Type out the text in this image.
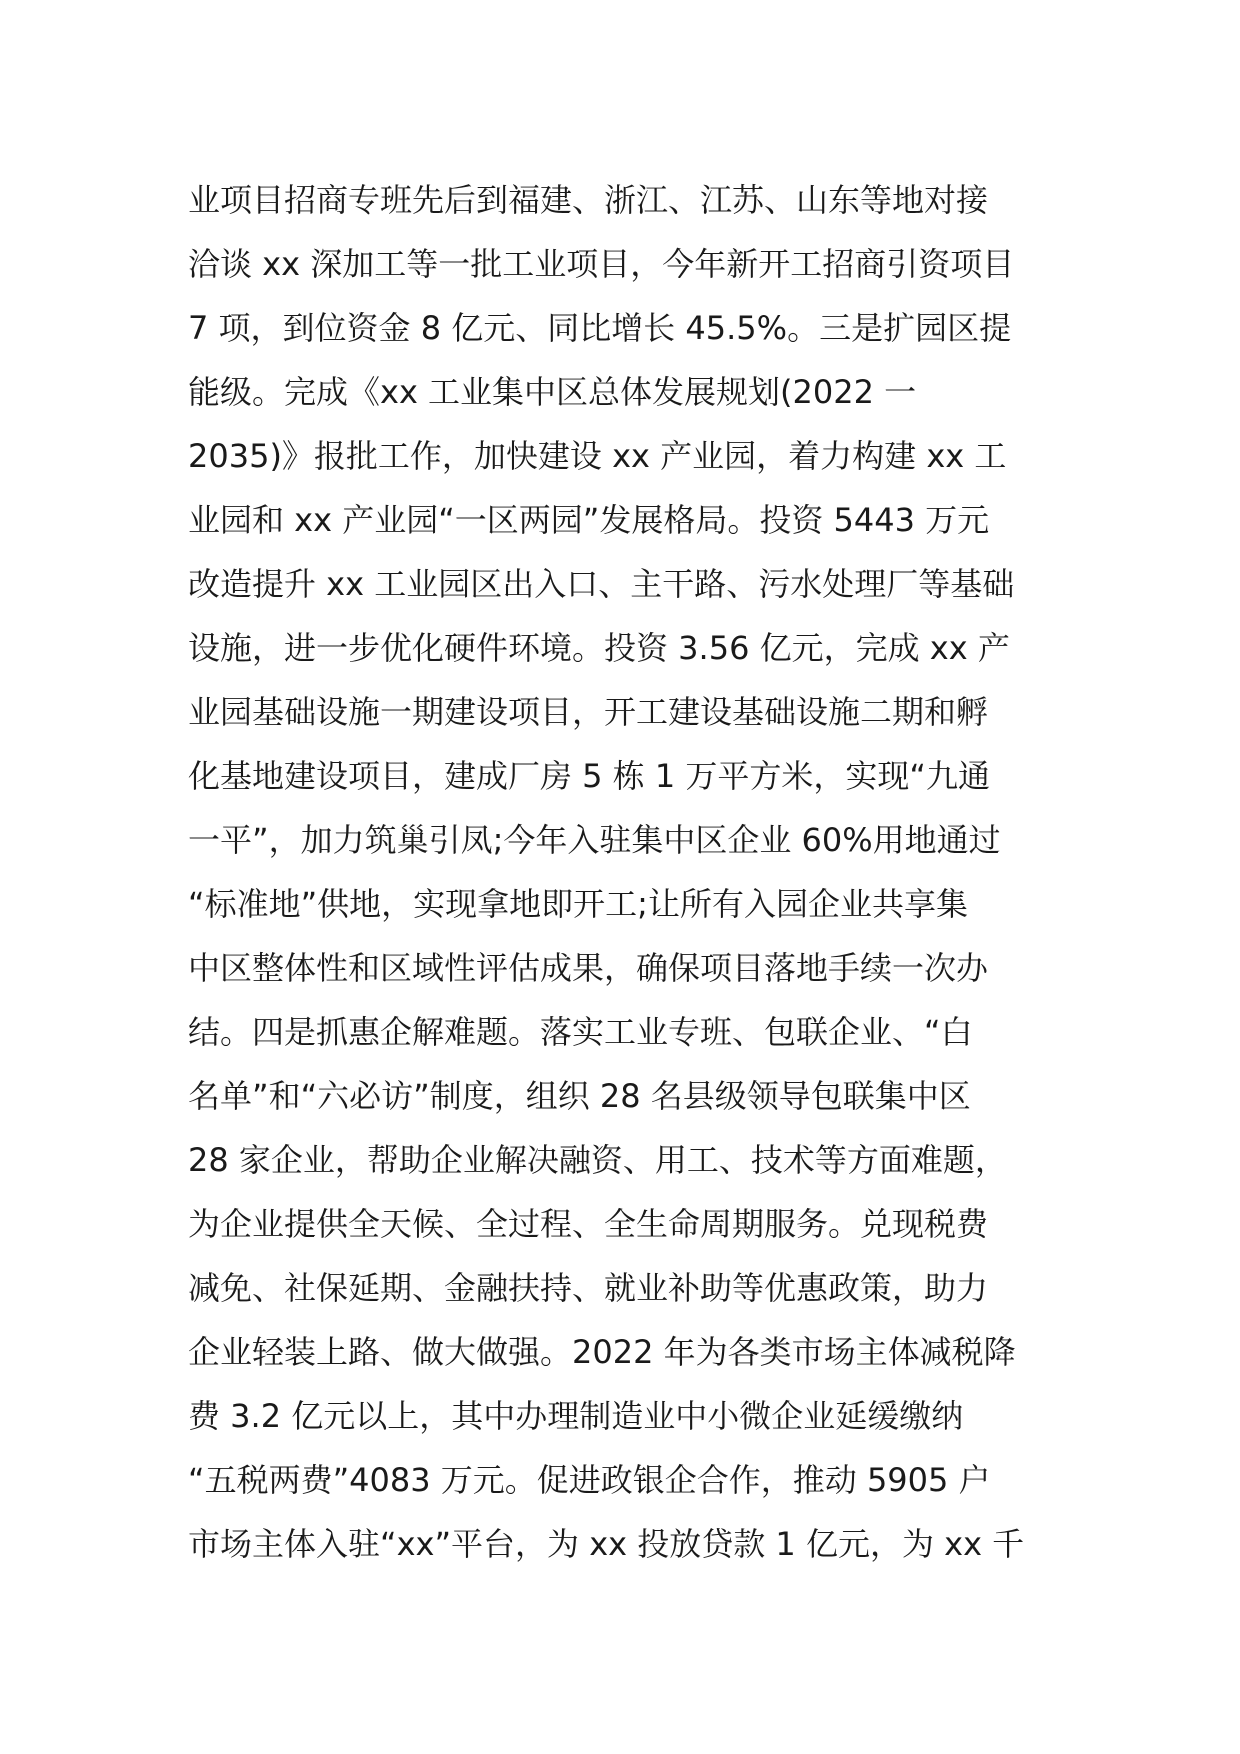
业项目招商专班先后到福建、浙江、江苏、山东等地对接
洽谈 xx 深加工等一批工业项目，今年新开工招商引资项目
7 项，到位资金 8 亿元、同比增长 45.5%。三是扩园区提
能级。完成《xx 工业集中区总体发展规划(2022 一
2035)》报批工作，加快建设 xx 产业园，着力构建 xx 工
业园和 xx 产业园“一区两园”发展格局。投资 5443 万元
改造提升 xx 工业园区出入口、主干路、污水处理厂等基础
设施，进一步优化硬件环境。投资 3.56 亿元，完成 xx 产
业园基础设施一期建设项目，开工建设基础设施二期和孵
化基地建设项目，建成厂房 5 栋 1 万平方米，实现“九通
一平”，加力筑巢引凤;今年入驻集中区企业 60%用地通过
“标准地”供地，实现拿地即开工;让所有入园企业共享集
中区整体性和区域性评估成果，确保项目落地手续一次办
结。四是抓惠企解难题。落实工业专班、包联企业、“白
名单”和“六必访”制度，组织 28 名县级领导包联集中区
28 家企业，帮助企业解决融资、用工、技术等方面难题，
为企业提供全天候、全过程、全生命周期服务。兑现税费
减免、社保延期、金融扶持、就业补助等优惠政策，助力
企业轻装上路、做大做强。2022 年为各类市场主体减税降
费 3.2 亿元以上，其中办理制造业中小微企业延缓缴纳
“五税两费”4083 万元。促进政银企合作，推动 5905 户
市场主体入驻“xx”平台，为 xx 投放贷款 1 亿元，为 xx 千
